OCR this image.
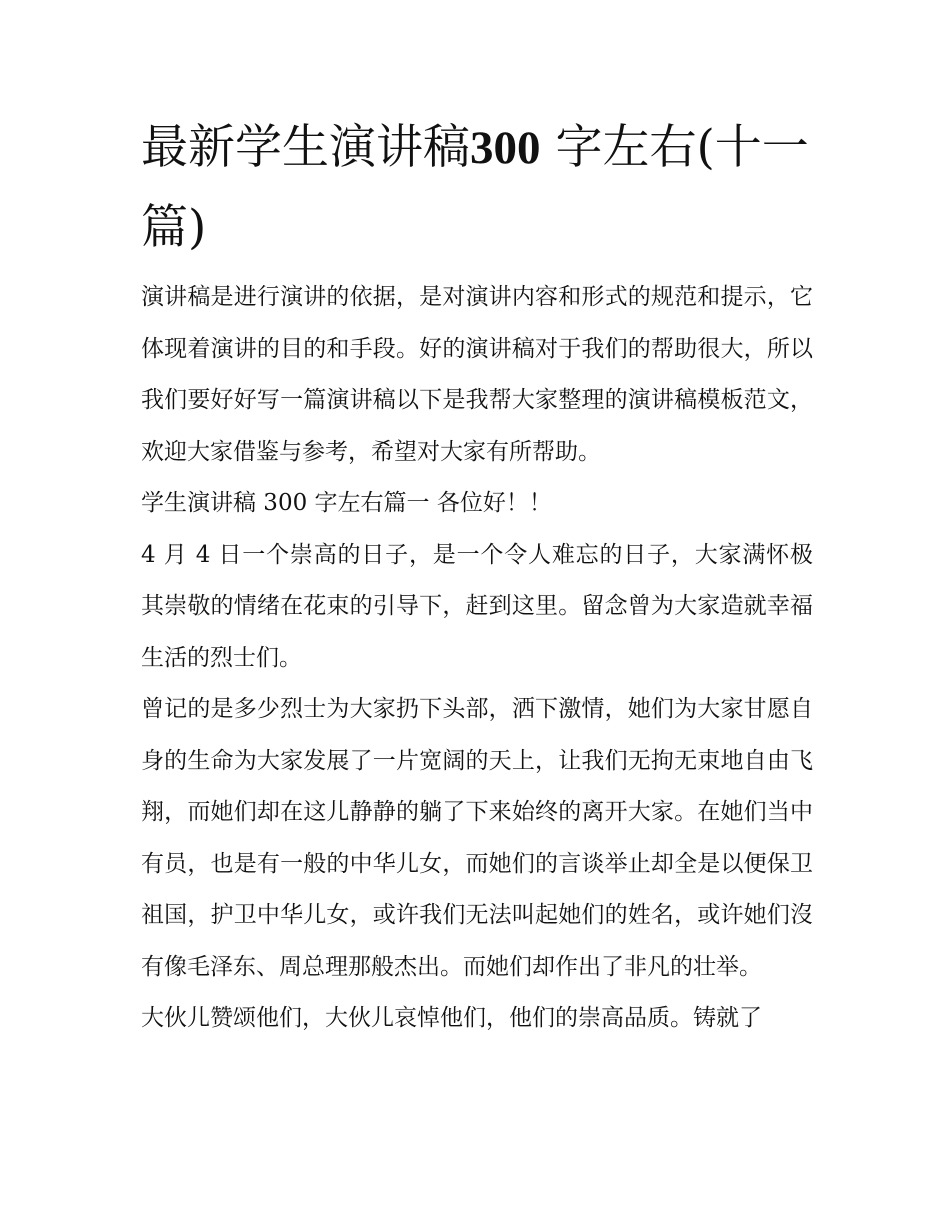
最新学生演讲稿300 字左右(十一篇)

演讲稿是进行演讲的依据，是对演讲内容和形式的规范和提示，它体现着演讲的目的和手段。好的演讲稿对于我们的帮助很大，所以我们要好好写一篇演讲稿以下是我帮大家整理的演讲稿模板范文，欢迎大家借鉴与参考，希望对大家有所帮助。

学生演讲稿 300 字左右篇一 各位好！！

4 月 4 日一个崇高的日子，是一个令人难忘的日子，大家满怀极其崇敬的情绪在花束的引导下，赶到这里。留念曾为大家造就幸福生活的烈士们。

曾记的是多少烈士为大家扔下头部，洒下激情，她们为大家甘愿自身的生命为大家发展了一片宽阔的天上，让我们无拘无束地自由飞翔，而她们却在这儿静静的躺了下来始终的离开大家。在她们当中有员，也是有一般的中华儿女，而她们的言谈举止却全是以便保卫祖国，护卫中华儿女，或许我们无法叫起她们的姓名，或许她们沒有像毛泽东、周总理那般杰出。而她们却作出了非凡的壮举。

大伙儿赞颂他们，大伙儿哀悼他们，他们的崇高品质。铸就了
